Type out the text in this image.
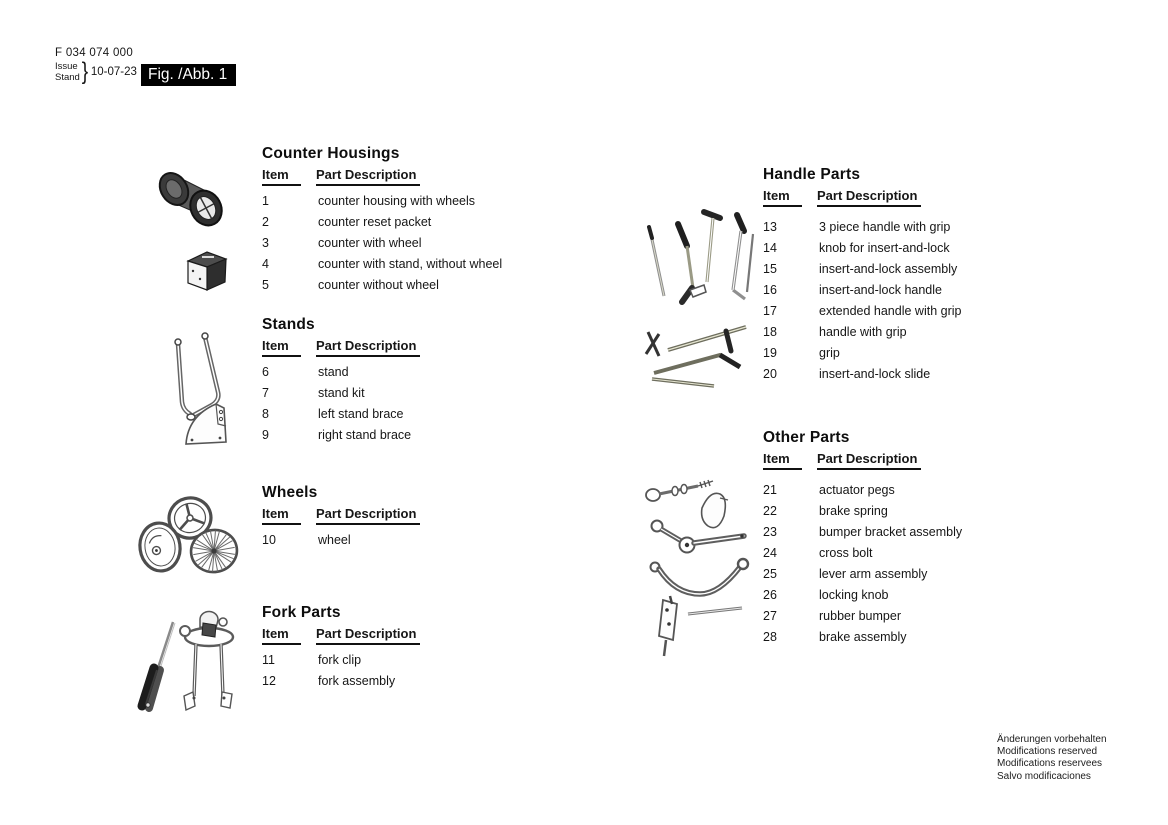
F 034 074 000
Issue
Stand } 10-07-23 Fig. /Abb. 1
Counter Housings
Item Part Description
1	counter housing with wheels
2	counter reset packet
3	counter with wheel
4	counter with stand, without wheel
5	counter without wheel
Stands
Item Part Description
6	stand
7	stand kit
8	left stand brace
9	right stand brace
Wheels
Item Part Description
10	wheel
Fork Parts
Item Part Description
11	fork clip
12	fork assembly
Handle Parts
Item Part Description
13	3 piece handle with grip
14	knob for insert-and-lock
15	insert-and-lock assembly
16	insert-and-lock handle
17	extended handle with grip
18	handle with grip
19	grip
20	insert-and-lock slide
Other Parts
Item Part Description
21	actuator pegs
22	brake spring
23	bumper bracket assembly
24	cross bolt
25	lever arm assembly
26	locking knob
27	rubber bumper
28	brake assembly
Änderungen vorbehalten
Modifications reserved
Modifications reservees
Salvo modificaciones
